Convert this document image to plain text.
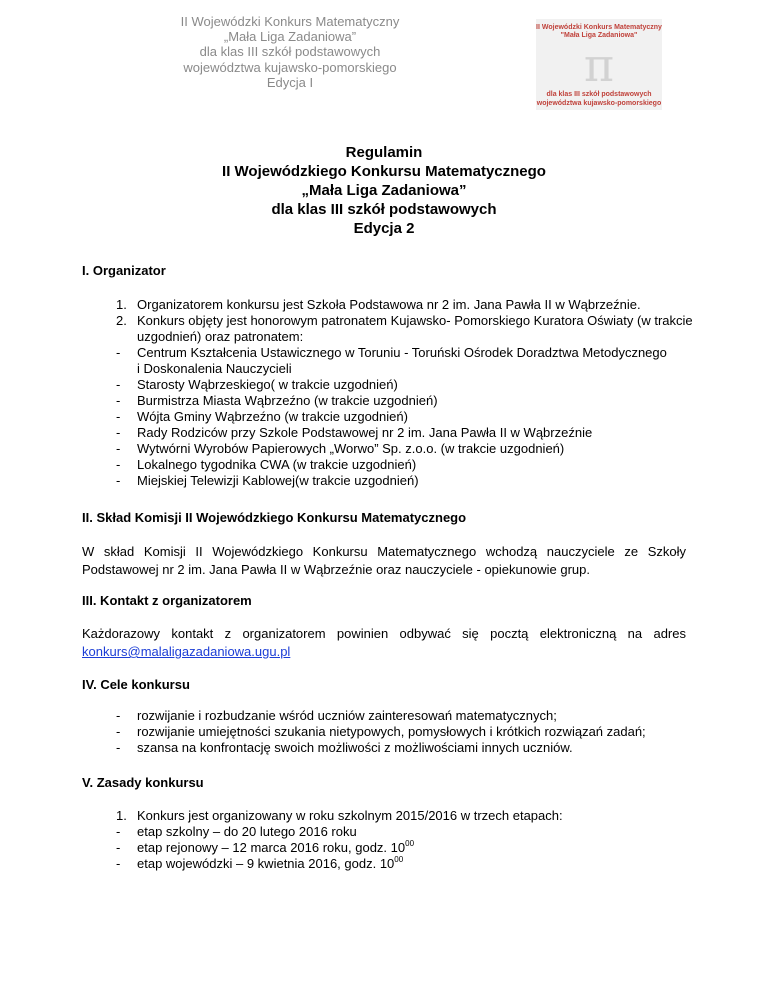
II Wojewódzki Konkurs Matematyczny
„Mała Liga Zadaniowa”
dla klas III szkół podstawowych
województwa kujawsko-pomorskiego
Edycja I
II Wojewódzki Konkurs Matematyczny
"Mała Liga Zadaniowa"
π
dla klas III szkół podstawowych
województwa kujawsko-pomorskiego
Regulamin
II Wojewódzkiego Konkursu Matematycznego
„Mała Liga Zadaniowa”
dla klas III szkół podstawowych
Edycja 2
I. Organizator
1. Organizatorem konkursu jest Szkoła Podstawowa nr 2 im. Jana Pawła II w Wąbrzeźnie.
2. Konkurs objęty jest honorowym patronatem Kujawsko- Pomorskiego Kuratora Oświaty (w trakcie
uzgodnień) oraz patronatem:
- Centrum Kształcenia Ustawicznego w Toruniu - Toruński Ośrodek Doradztwa Metodycznego
i Doskonalenia Nauczycieli
- Starosty Wąbrzeskiego( w trakcie uzgodnień)
- Burmistrza Miasta Wąbrzeźno (w trakcie uzgodnień)
- Wójta Gminy Wąbrzeźno (w trakcie uzgodnień)
- Rady Rodziców przy Szkole Podstawowej nr 2 im. Jana Pawła II w Wąbrzeźnie
- Wytwórni Wyrobów Papierowych „Worwo” Sp. z.o.o. (w trakcie uzgodnień)
- Lokalnego tygodnika CWA (w trakcie uzgodnień)
- Miejskiej Telewizji Kablowej(w trakcie uzgodnień)
II. Skład Komisji II Wojewódzkiego Konkursu Matematycznego
W skład Komisji II Wojewódzkiego Konkursu Matematycznego wchodzą nauczyciele ze Szkoły
Podstawowej nr 2 im. Jana Pawła II w Wąbrzeźnie oraz nauczyciele - opiekunowie grup.
III. Kontakt z organizatorem
Każdorazowy kontakt z organizatorem powinien odbywać się pocztą elektroniczną na adres
konkurs@malaligazadaniowa.ugu.pl
IV. Cele konkursu
- rozwijanie i rozbudzanie wśród uczniów zainteresowań matematycznych;
- rozwijanie umiejętności szukania nietypowych, pomysłowych i krótkich rozwiązań zadań;
- szansa na konfrontację swoich możliwości z możliwościami innych uczniów.
V. Zasady konkursu
1. Konkurs jest organizowany w roku szkolnym 2015/2016 w trzech etapach:
- etap szkolny – do 20 lutego 2016 roku
- etap rejonowy – 12 marca 2016 roku, godz. $10^{00}$
- etap wojewódzki – 9 kwietnia 2016, godz. $10^{00}$
